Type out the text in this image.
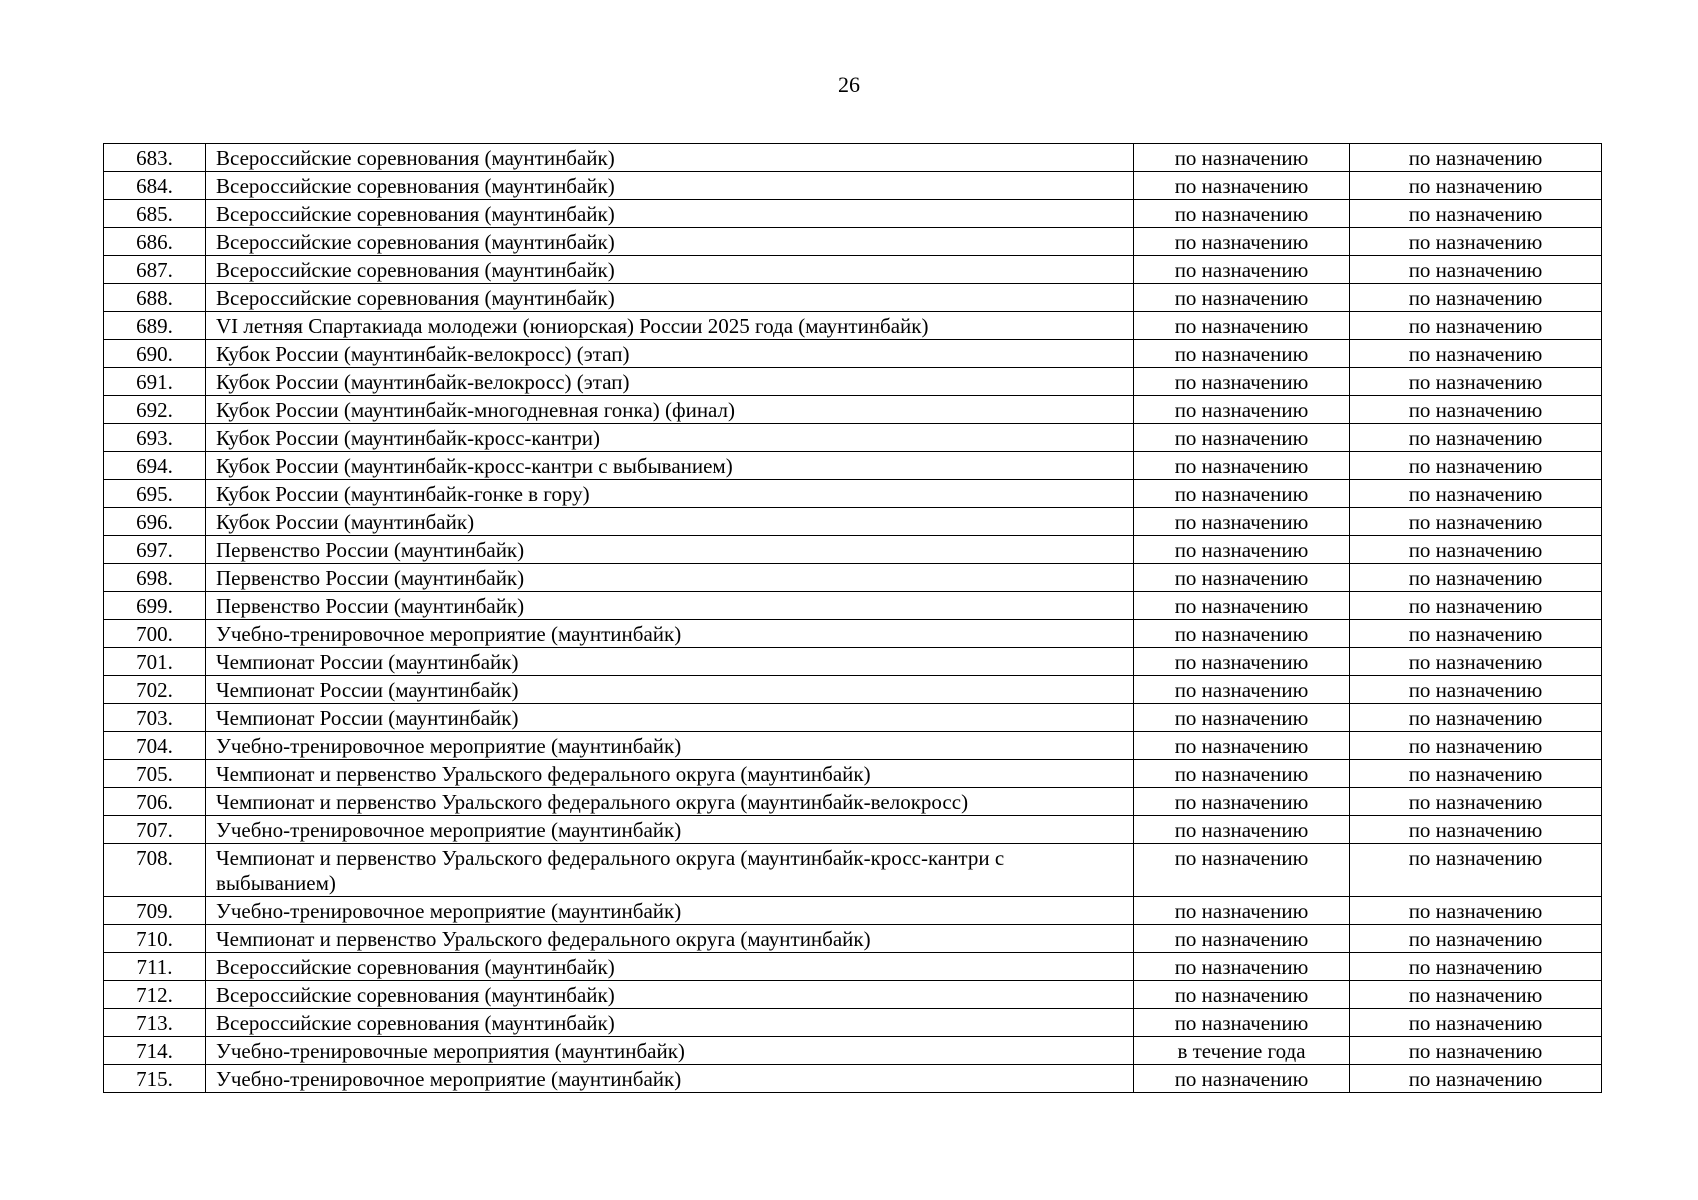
26
683.	Всероссийские соревнования (маунтинбайк)	по назначению	по назначению
684.	Всероссийские соревнования (маунтинбайк)	по назначению	по назначению
685.	Всероссийские соревнования (маунтинбайк)	по назначению	по назначению
686.	Всероссийские соревнования (маунтинбайк)	по назначению	по назначению
687.	Всероссийские соревнования (маунтинбайк)	по назначению	по назначению
688.	Всероссийские соревнования (маунтинбайк)	по назначению	по назначению
689.	VI летняя Спартакиада молодежи (юниорская) России 2025 года (маунтинбайк)	по назначению	по назначению
690.	Кубок России (маунтинбайк-велокросс) (этап)	по назначению	по назначению
691.	Кубок России (маунтинбайк-велокросс) (этап)	по назначению	по назначению
692.	Кубок России (маунтинбайк-многодневная гонка) (финал)	по назначению	по назначению
693.	Кубок России (маунтинбайк-кросс-кантри)	по назначению	по назначению
694.	Кубок России (маунтинбайк-кросс-кантри с выбыванием)	по назначению	по назначению
695.	Кубок России (маунтинбайк-гонке в гору)	по назначению	по назначению
696.	Кубок России (маунтинбайк)	по назначению	по назначению
697.	Первенство России (маунтинбайк)	по назначению	по назначению
698.	Первенство России (маунтинбайк)	по назначению	по назначению
699.	Первенство России (маунтинбайк)	по назначению	по назначению
700.	Учебно-тренировочное мероприятие (маунтинбайк)	по назначению	по назначению
701.	Чемпионат России (маунтинбайк)	по назначению	по назначению
702.	Чемпионат России (маунтинбайк)	по назначению	по назначению
703.	Чемпионат России (маунтинбайк)	по назначению	по назначению
704.	Учебно-тренировочное мероприятие (маунтинбайк)	по назначению	по назначению
705.	Чемпионат и первенство Уральского федерального округа (маунтинбайк)	по назначению	по назначению
706.	Чемпионат и первенство Уральского федерального округа (маунтинбайк-велокросс)	по назначению	по назначению
707.	Учебно-тренировочное мероприятие (маунтинбайк)	по назначению	по назначению
708.	Чемпионат и первенство Уральского федерального округа (маунтинбайк-кросс-кантри с выбыванием)	по назначению	по назначению
709.	Учебно-тренировочное мероприятие (маунтинбайк)	по назначению	по назначению
710.	Чемпионат и первенство Уральского федерального округа (маунтинбайк)	по назначению	по назначению
711.	Всероссийские соревнования (маунтинбайк)	по назначению	по назначению
712.	Всероссийские соревнования (маунтинбайк)	по назначению	по назначению
713.	Всероссийские соревнования (маунтинбайк)	по назначению	по назначению
714.	Учебно-тренировочные мероприятия (маунтинбайк)	в течение года	по назначению
715.	Учебно-тренировочное мероприятие (маунтинбайк)	по назначению	по назначению
